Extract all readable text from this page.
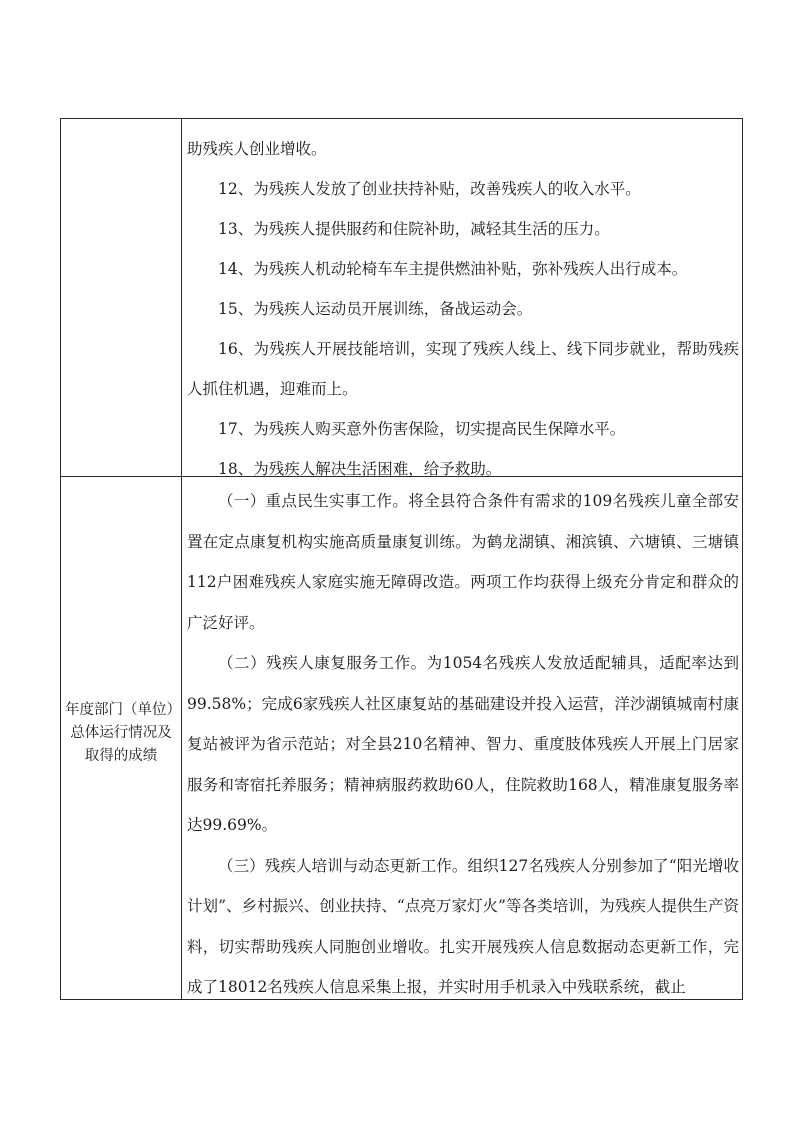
助残疾人创业增收。

12、为残疾人发放了创业扶持补贴，改善残疾人的收入水平。

13、为残疾人提供服药和住院补助，减轻其生活的压力。

14、为残疾人机动轮椅车车主提供燃油补贴，弥补残疾人出行成本。

15、为残疾人运动员开展训练，备战运动会。

16、为残疾人开展技能培训，实现了残疾人线上、线下同步就业，帮助残疾人抓住机遇，迎难而上。

17、为残疾人购买意外伤害保险，切实提高民生保障水平。

18、为残疾人解决生活困难，给予救助。

年度部门（单位）
总体运行情况及
取得的成绩

（一）重点民生实事工作。将全县符合条件有需求的109名残疾儿童全部安置在定点康复机构实施高质量康复训练。为鹤龙湖镇、湘滨镇、六塘镇、三塘镇112户困难残疾人家庭实施无障碍改造。两项工作均获得上级充分肯定和群众的广泛好评。

（二）残疾人康复服务工作。为1054名残疾人发放适配辅具，适配率达到99.58%；完成6家残疾人社区康复站的基础建设并投入运营，洋沙湖镇城南村康复站被评为省示范站；对全县210名精神、智力、重度肢体残疾人开展上门居家服务和寄宿托养服务；精神病服药救助60人，住院救助168人，精准康复服务率达99.69%。

（三）残疾人培训与动态更新工作。组织127名残疾人分别参加了“阳光增收计划”、乡村振兴、创业扶持、“点亮万家灯火”等各类培训，为残疾人提供生产资料，切实帮助残疾人同胞创业增收。扎实开展残疾人信息数据动态更新工作，完成了18012名残疾人信息采集上报，并实时用手机录入中残联系统，截止
